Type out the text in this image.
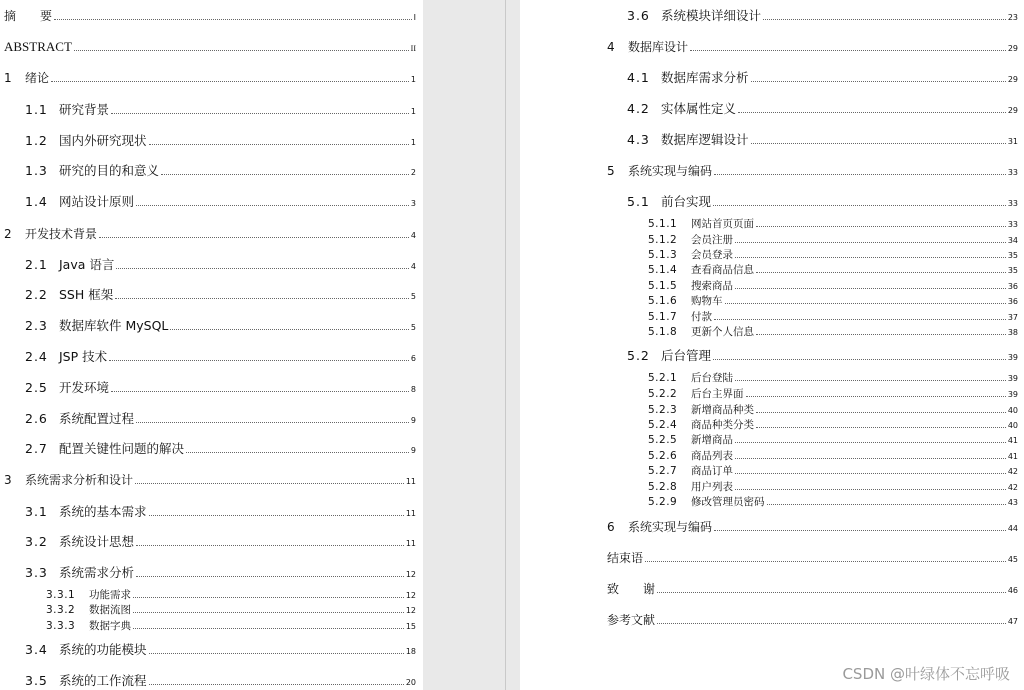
摘　　要	I
ABSTRACT	II
1	绪论	1
1.1 研究背景	1
1.2 国内外研究现状	1
1.3 研究的目的和意义	2
1.4 网站设计原则	3
2	开发技术背景	4
2.1 Java 语言	4
2.2 SSH 框架	5
2.3 数据库软件 MySQL	5
2.4 JSP 技术	6
2.5 开发环境	8
2.6 系统配置过程	9
2.7 配置关键性问题的解决	9
3	系统需求分析和设计	11
3.1 系统的基本需求	11
3.2 系统设计思想	11
3.3 系统需求分析	12
3.3.1	功能需求	12
3.3.2	数据流图	12
3.3.3	数据字典	15
3.4 系统的功能模块	18
3.5 系统的工作流程	20
3.6 系统模块详细设计	23
4	数据库设计	29
4.1 数据库需求分析	29
4.2 实体属性定义	29
4.3 数据库逻辑设计	31
5	系统实现与编码	33
5.1 前台实现	33
5.1.1	网站首页页面	33
5.1.2	会员注册	34
5.1.3	会员登录	35
5.1.4	查看商品信息	35
5.1.5	搜索商品	36
5.1.6	购物车	36
5.1.7	付款	37
5.1.8	更新个人信息	38
5.2 后台管理	39
5.2.1	后台登陆	39
5.2.2	后台主界面	39
5.2.3	新增商品种类	40
5.2.4	商品种类分类	40
5.2.5	新增商品	41
5.2.6	商品列表	41
5.2.7	商品订单	42
5.2.8	用户列表	42
5.2.9	修改管理员密码	43
6	系统实现与编码	44
结束语	45
致　　谢	46
参考文献	47
CSDN @叶绿体不忘呼吸
